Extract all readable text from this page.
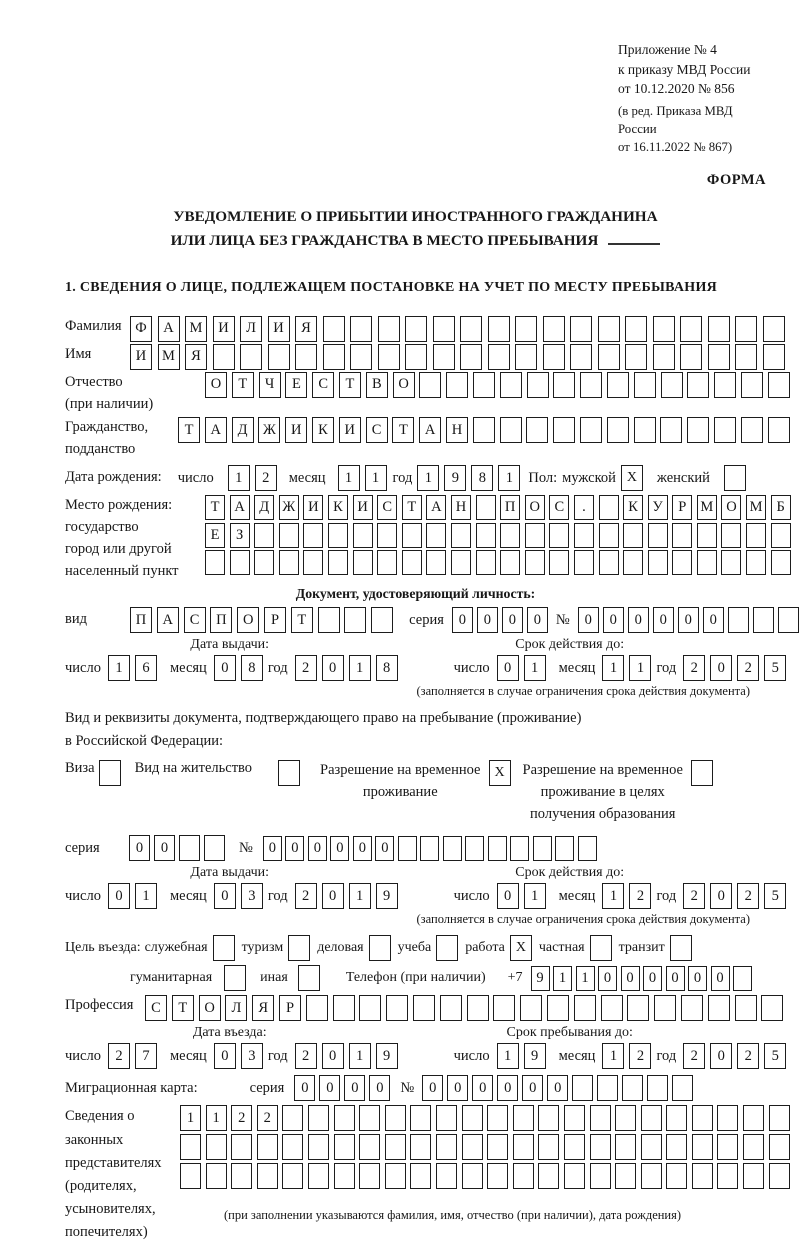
Приложение № 4
к приказу МВД России
от 10.12.2020 № 856
(в ред. Приказа МВД России
от 16.11.2022 № 867)
ФОРМА
УВЕДОМЛЕНИЕ О ПРИБЫТИИ ИНОСТРАННОГО ГРАЖДАНИНА
ИЛИ ЛИЦА БЕЗ ГРАЖДАНСТВА В МЕСТО ПРЕБЫВАНИЯ
1. СВЕДЕНИЯ О ЛИЦЕ, ПОДЛЕЖАЩЕМ ПОСТАНОВКЕ НА УЧЕТ ПО МЕСТУ ПРЕБЫВАНИЯ
Фамилия Ф	А	М	И	Л	И	Я
Имя	И	М	Я
Отчество
(при наличии)
О	Т	Ч	Е	С	Т	В	О
Гражданство,
подданство
Т	А	Д	Ж	И	К	И	С	Т	А	Н
Дата рождения: число	1	2	месяц	1	1 год 1	9	8	1	Пол: мужской X	женский
Место рождения:
государство
город или другой
населенный пункт
Т	А Д Ж И	К	И	С	Т	А Н	П О	С	.	К	У	Р М О М Б
Е	З
Документ, удостоверяющий личность:
вид	П	А	С	П	О	Р	Т	серия	0	0	0	0	№	0	0	0	0	0	0
Дата выдачи:	Срок действия до:
число 1	6	месяц 0	8 год 2	0	1	8	число 0	1	месяц 1	1 год 2	0	2	5
(заполняется в случае ограничения срока действия документа)
Вид и реквизиты документа, подтверждающего право на пребывание (проживание)
в Российской Федерации:
Виза	Вид на жительство	Разрешение на временное
проживание
X	Разрешение на временное
проживание в целях
получения образования
серия	0	0	№	0	0	0	0	0	0
Дата выдачи:	Срок действия до:
число 0	1	месяц 0	3 год 2	0	1	9	число 0	1	месяц 1	2 год 2	0	2	5
(заполняется в случае ограничения срока действия документа)
Цель въезда: служебная туризм деловая учеба работа X частная транзит
гуманитарная	иная	Телефон (при наличии) +7 9	1	1	0	0	0	0	0	0
Профессия	С	Т	О	Л	Я	Р
Дата въезда:	Срок пребывания до:
число 2	7	месяц 0	3 год 2	0	1	9	число 1	9	месяц 1	2 год 2	0	2	5
Миграционная карта:	серия	0	0	0	0	№	0	0	0	0	0	0
Сведения о
законных
представителях
(родителях,
усыновителях,
попечителях)
1	1	2	2
(при заполнении указываются фамилия, имя, отчество (при наличии), дата рождения)
